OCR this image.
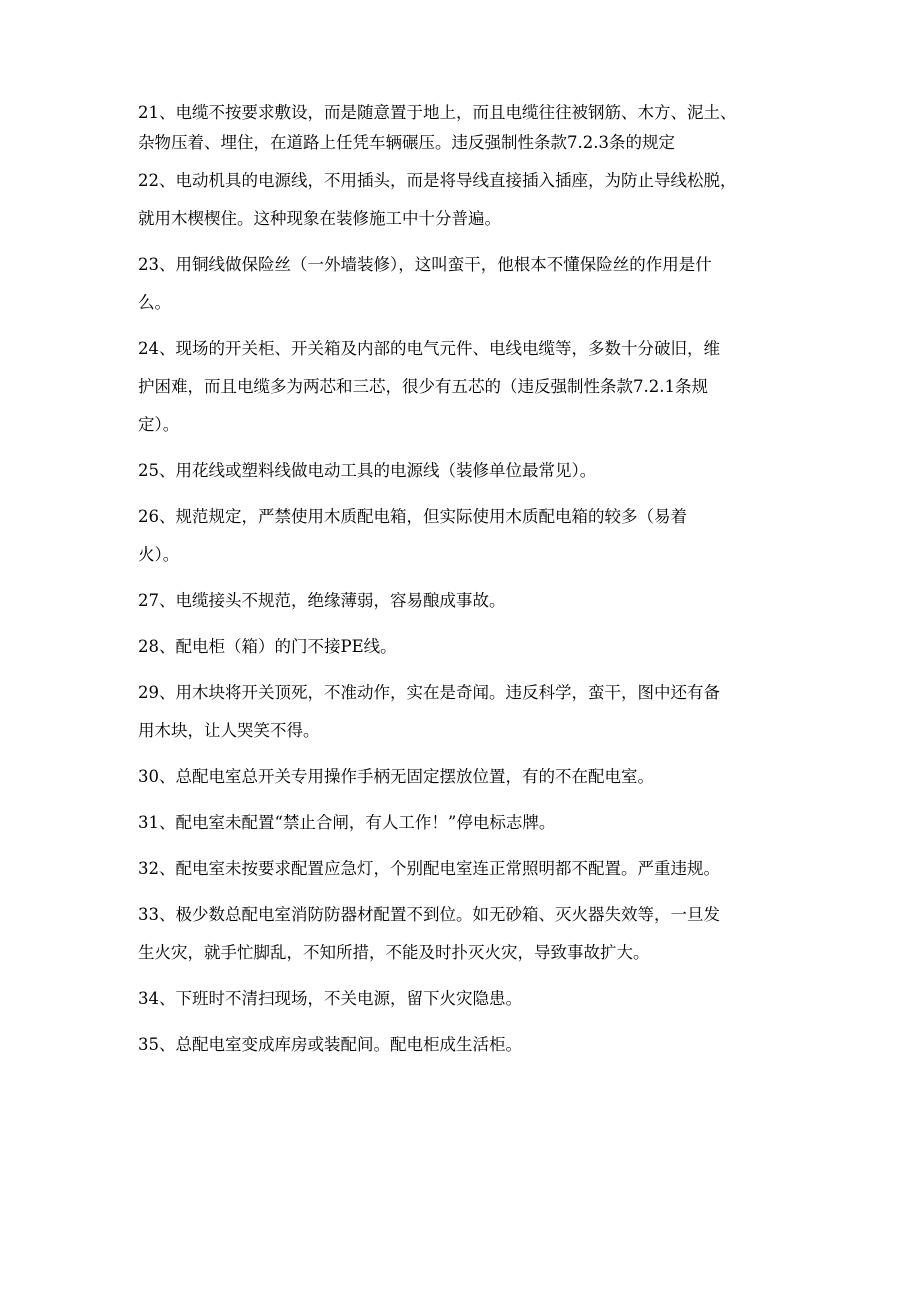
21、电缆不按要求敷设，而是随意置于地上，而且电缆往往被钢筋、木方、泥土、
杂物压着、埋住，在道路上任凭车辆碾压。违反强制性条款7.2.3条的规定
22、电动机具的电源线，不用插头，而是将导线直接插入插座，为防止导线松脱，
就用木楔楔住。这种现象在装修施工中十分普遍。
23、用铜线做保险丝（一外墙装修），这叫蛮干，他根本不懂保险丝的作用是什
么。
24、现场的开关柜、开关箱及内部的电气元件、电线电缆等，多数十分破旧，维
护困难，而且电缆多为两芯和三芯，很少有五芯的（违反强制性条款7.2.1条规
定）。
25、用花线或塑料线做电动工具的电源线（装修单位最常见）。
26、规范规定，严禁使用木质配电箱，但实际使用木质配电箱的较多（易着
火）。
27、电缆接头不规范，绝缘薄弱，容易酿成事故。
28、配电柜（箱）的门不接PE线。
29、用木块将开关顶死，不准动作，实在是奇闻。违反科学，蛮干，图中还有备
用木块，让人哭笑不得。
30、总配电室总开关专用操作手柄无固定摆放位置，有的不在配电室。
31、配电室未配置“禁止合闸，有人工作！”停电标志牌。
32、配电室未按要求配置应急灯，个别配电室连正常照明都不配置。严重违规。
33、极少数总配电室消防防器材配置不到位。如无砂箱、灭火器失效等，一旦发
生火灾，就手忙脚乱，不知所措，不能及时扑灭火灾，导致事故扩大。
34、下班时不清扫现场，不关电源，留下火灾隐患。
35、总配电室变成库房或装配间。配电柜成生活柜。
